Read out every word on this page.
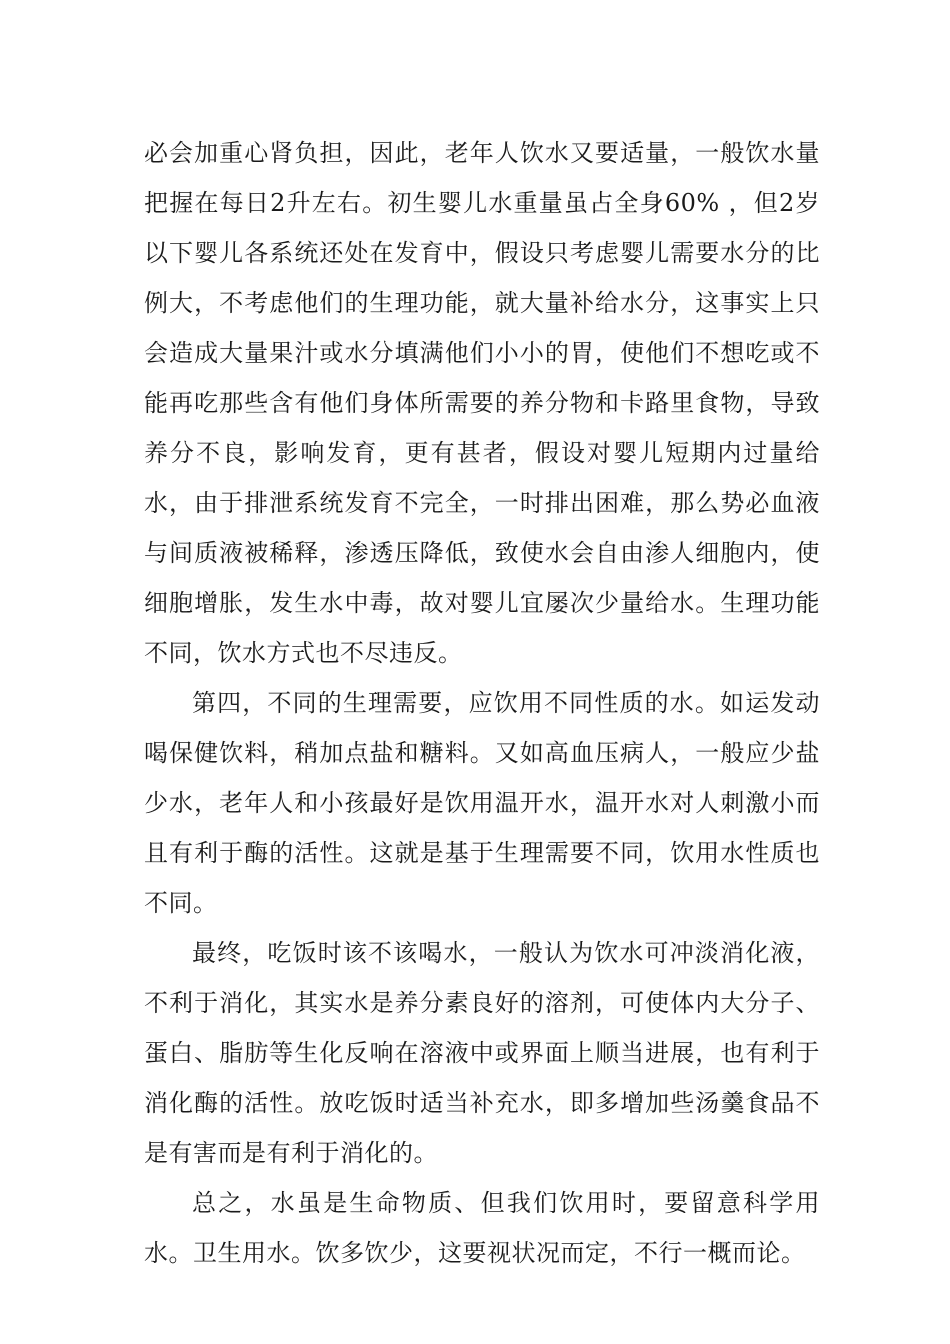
必会加重心肾负担，因此，老年人饮水又要适量，一般饮水量把握在每日2升左右。初生婴儿水重量虽占全身60% ，但2岁以下婴儿各系统还处在发育中，假设只考虑婴儿需要水分的比例大，不考虑他们的生理功能，就大量补给水分，这事实上只会造成大量果汁或水分填满他们小小的胃，使他们不想吃或不能再吃那些含有他们身体所需要的养分物和卡路里食物，导致养分不良，影响发育，更有甚者，假设对婴儿短期内过量给水，由于排泄系统发育不完全，一时排出困难，那么势必血液与间质液被稀释，渗透压降低，致使水会自由渗人细胞内，使细胞增胀，发生水中毒，故对婴儿宜屡次少量给水。生理功能不同，饮水方式也不尽违反。

第四，不同的生理需要，应饮用不同性质的水。如运发动喝保健饮料，稍加点盐和糖料。又如高血压病人，一般应少盐少水，老年人和小孩最好是饮用温开水，温开水对人刺激小而且有利于酶的活性。这就是基于生理需要不同，饮用水性质也不同。

最终，吃饭时该不该喝水，一般认为饮水可冲淡消化液，不利于消化，其实水是养分素良好的溶剂，可使体内大分子、蛋白、脂肪等生化反响在溶液中或界面上顺当进展，也有利于消化酶的活性。放吃饭时适当补充水，即多增加些汤羹食品不是有害而是有利于消化的。

总之，水虽是生命物质、但我们饮用时，要留意科学用水。卫生用水。饮多饮少，这要视状况而定，不行一概而论。
